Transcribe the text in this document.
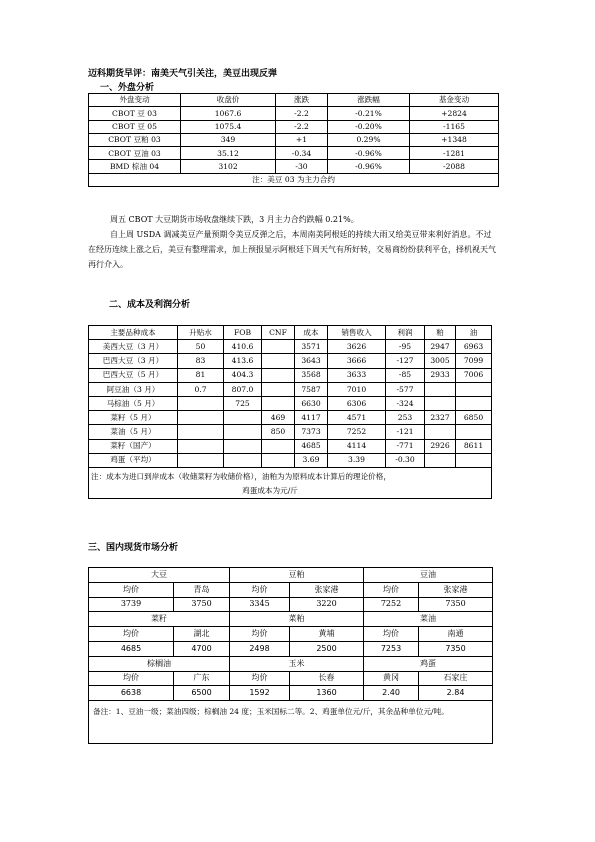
迈科期货早评：南美天气引关注，美豆出现反弹
一、外盘分析
外盘变动	收盘价	涨跌	涨跌幅	基金变动
CBOT 豆 03	1067.6	-2.2	-0.21%	+2824
CBOT 豆 05	1075.4	-2.2	-0.20%	-1165
CBOT 豆粕 03	349	+1	0.29%	+1348
CBOT 豆油 03	35.12	-0.34	-0.96%	-1281
BMD 棕油 04	3102	-30	-0.96%	-2088
注：美豆 03 为主力合约				
周五 CBOT 大豆期货市场收盘继续下跌，3 月主力合约跌幅 0.21%。
自上周 USDA 调减美豆产量预期令美豆反弹之后，本周南美阿根廷的持续大雨又给美豆带来利好消息。不过在经历连续上涨之后，美豆有整理需求，加上预报显示阿根廷下周天气有所好转，交易商纷纷获利平仓，择机视天气再行介入。
二、成本及利润分析
主要品种成本	升贴水	FOB	CNF	成本	销售收入	利润	粕	油
美西大豆（3 月）	50	410.6		3571	3626	-95	2947	6963
巴西大豆（3 月）	83	413.6		3643	3666	-127	3005	7099
巴西大豆（5 月）	81	404.3		3568	3633	-85	2933	7006
阿豆油（3 月）	0.7	807.0		7587	7010	-577		
马棕油（5 月）		725		6630	6306	-324		
菜籽（5 月）			469	4117	4571	253	2327	6850
菜油（5 月）			850	7373	7252	-121		
菜籽（国产）				4685	4114	-771	2926	8611
鸡蛋（平均）				3.69	3.39	-0.30		
注：成本为进口到岸成本（收储菜籽为收储价格），油粕为为原料成本计算后的理论价格，
鸡蛋成本为元/斤								
三、国内现货市场分析
大豆		豆粕		豆油	
均价	青岛	均价	张家港	均价	张家港
3739	3750	3345	3220	7252	7350
菜籽		菜粕		菜油	
均价	湖北	均价	黄埔	均价	南通
4685	4700	2498	2500	7253	7350
棕榈油		玉米		鸡蛋	
均价	广东	均价	长春	黄冈	石家庄
6638	6500	1592	1360	2.40	2.84
备注：1、豆油一级；菜油四级；棕榈油 24 度；玉米国标二等。2、鸡蛋单位元/斤，其余品种单位元/吨。					
